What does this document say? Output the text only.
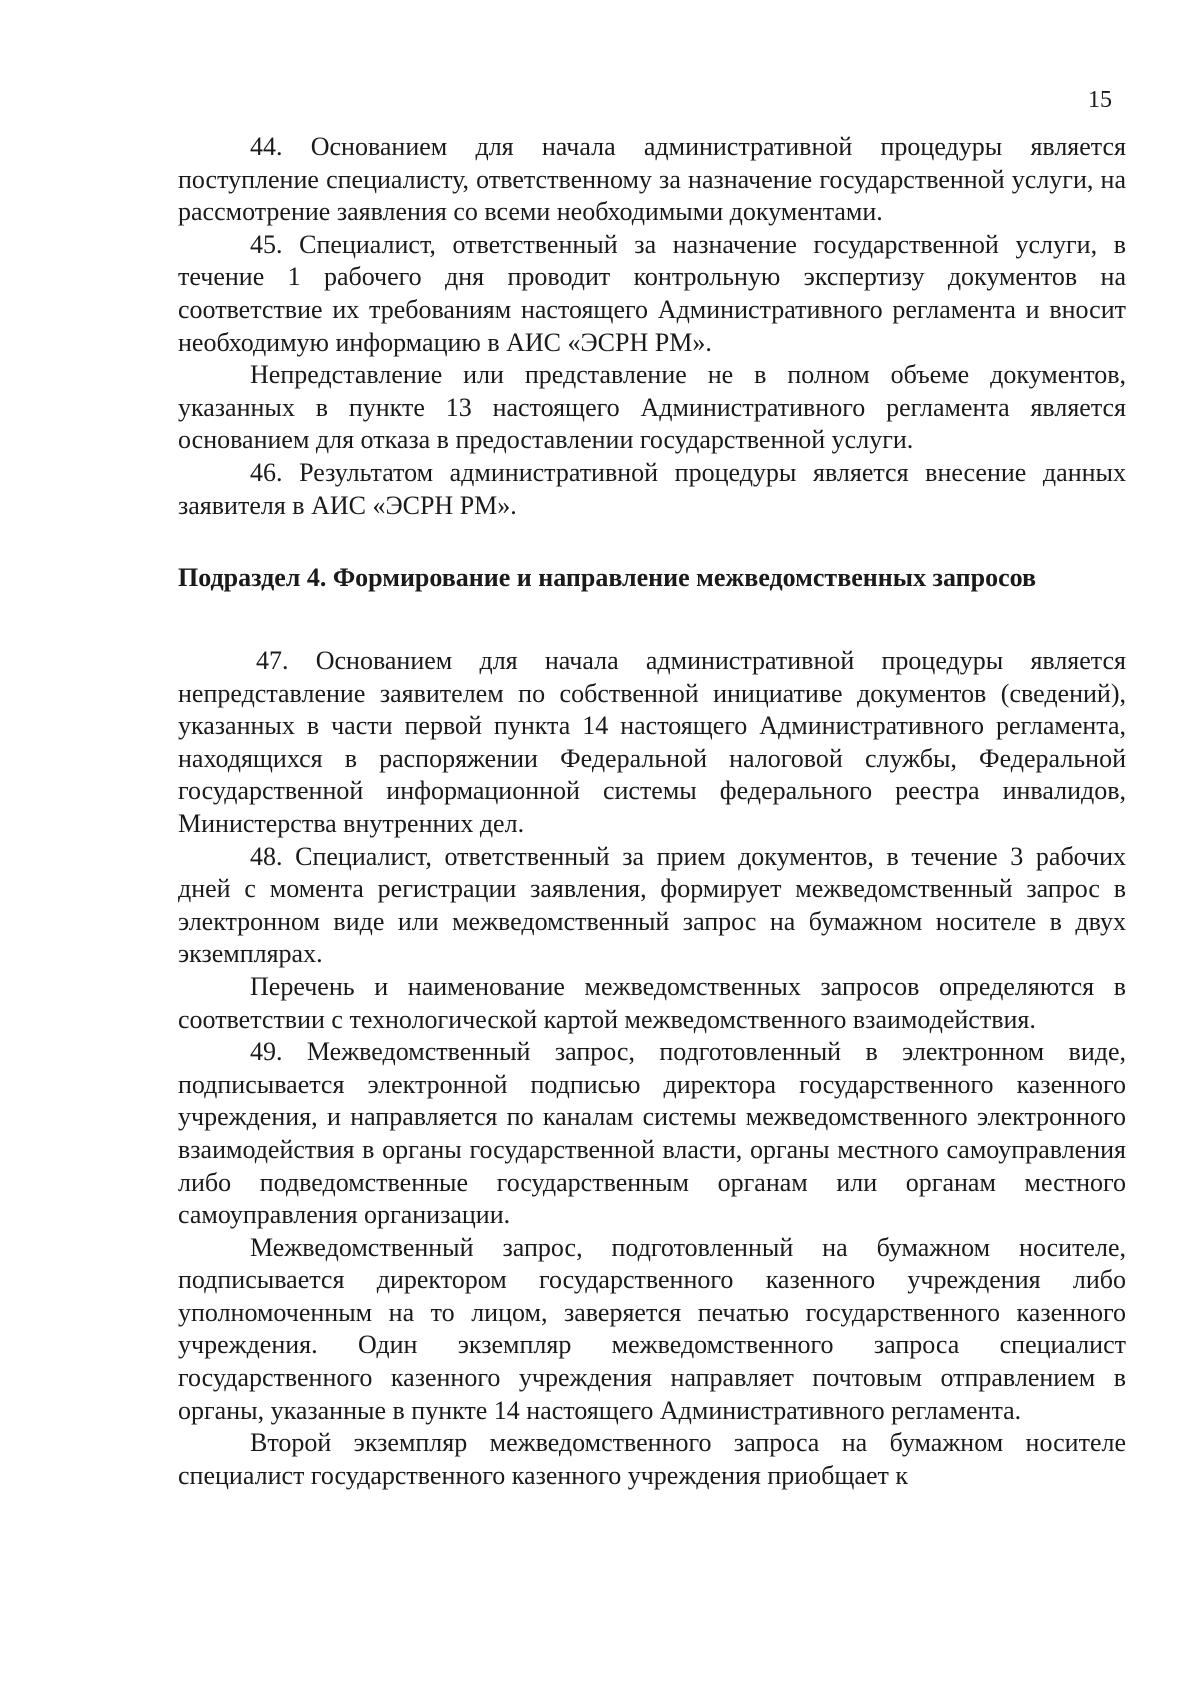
15

44. Основанием для начала административной процедуры является поступление специалисту, ответственному за назначение государственной услуги, на рассмотрение заявления со всеми необходимыми документами.

45. Специалист, ответственный за назначение государственной услуги, в течение 1 рабочего дня проводит контрольную экспертизу документов на соответствие их требованиям настоящего Административного регламента и вносит необходимую информацию в АИС «ЭСРН РМ».

Непредставление или представление не в полном объеме документов, указанных в пункте 13 настоящего Административного регламента является основанием для отказа в предоставлении государственной услуги.

46. Результатом административной процедуры является внесение данных заявителя в АИС «ЭСРН РМ».

Подраздел 4. Формирование и направление межведомственных запросов

47. Основанием для начала административной процедуры является непредставление заявителем по собственной инициативе документов (сведений), указанных в части первой пункта 14 настоящего Административного регламента, находящихся в распоряжении Федеральной налоговой службы, Федеральной государственной информационной системы федерального реестра инвалидов, Министерства внутренних дел.

48. Специалист, ответственный за прием документов, в течение 3 рабочих дней с момента регистрации заявления, формирует межведомственный запрос в электронном виде или межведомственный запрос на бумажном носителе в двух экземплярах.

Перечень и наименование межведомственных запросов определяются в соответствии с технологической картой межведомственного взаимодействия.

49. Межведомственный запрос, подготовленный в электронном виде, подписывается электронной подписью директора государственного казенного учреждения, и направляется по каналам системы межведомственного электронного взаимодействия в органы государственной власти, органы местного самоуправления либо подведомственные государственным органам или органам местного самоуправления организации.

Межведомственный запрос, подготовленный на бумажном носителе, подписывается директором государственного казенного учреждения либо уполномоченным на то лицом, заверяется печатью государственного казенного учреждения. Один экземпляр межведомственного запроса специалист государственного казенного учреждения направляет почтовым отправлением в органы, указанные в пункте 14 настоящего Административного регламента.

Второй экземпляр межведомственного запроса на бумажном носителе специалист государственного казенного учреждения приобщает к
